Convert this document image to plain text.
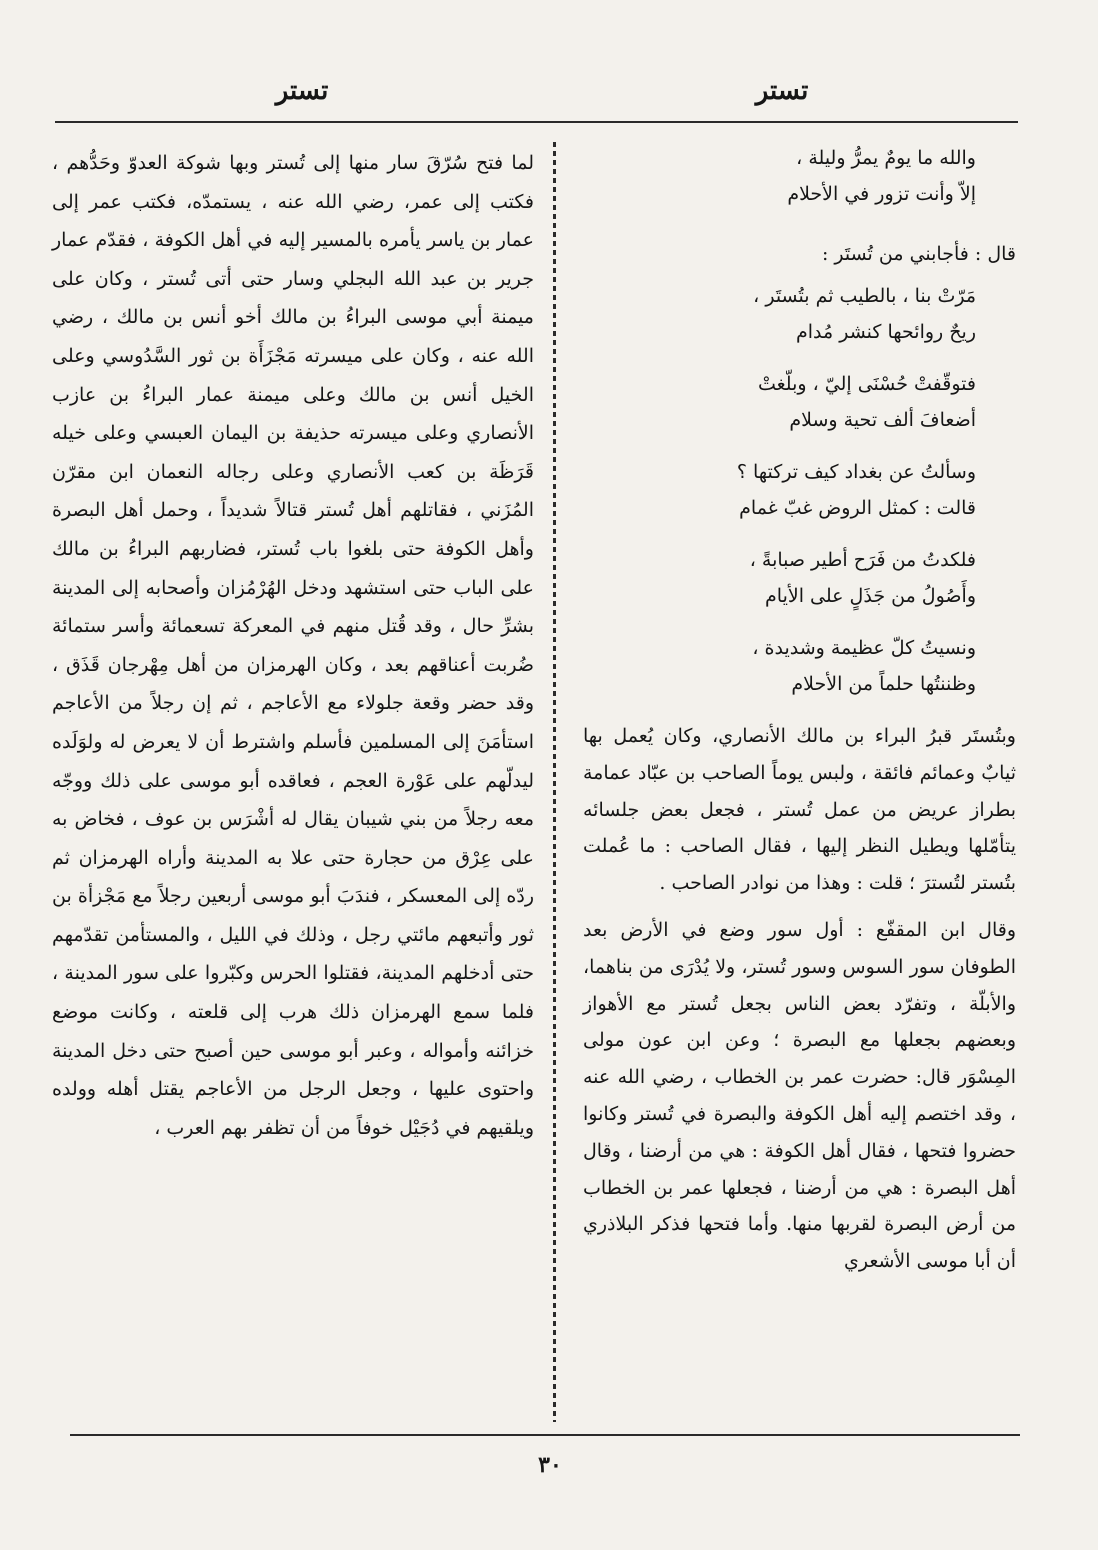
تستر
تستر

والله ما يومٌ يمرُّ وليلة ،

إلاّ وأنت تزور في الأحلام

قال : فأجابني من تُستَر :

مَرّتْ بنا ، بالطيب ثم بتُستَر ،

ريحٌ روائحها كنشر مُدام

فتوقّفتْ حُسْنَى إليّ ، وبلّغتْ

أضعافَ ألف تحية وسلام

وسألتُ عن بغداد كيف تركتها ؟

قالت : كمثل الروض غبّ غمام

فلكدتُ من فَرَح أطير صبابةً ،

وأَصُولُ من جَذَلٍ على الأيام

ونسيتُ كلّ عظيمة وشديدة ،

وظننتُها حلماً من الأحلام

وبتُستَر قبرُ البراء بن مالك الأنصاري، وكان يُعمل بها ثيابٌ وعمائم فائقة ، ولبس يوماً الصاحب بن عبّاد عمامة بطراز عريض من عمل تُستر ، فجعل بعض جلسائه يتأمّلها ويطيل النظر إليها ، فقال الصاحب : ما عُملت بتُستر لتُسترَ ؛ قلت : وهذا من نوادر الصاحب .

وقال ابن المقفّع : أول سور وضع في الأرض بعد الطوفان سور السوس وسور تُستر، ولا يُدْرَى من بناهما، والأبلّة ، وتفرّد بعض الناس بجعل تُستر مع الأهواز وبعضهم بجعلها مع البصرة ؛ وعن ابن عون مولى المِسْوَر قال: حضرت عمر بن الخطاب ، رضي الله عنه ، وقد اختصم إليه أهل الكوفة والبصرة في تُستر وكانوا حضروا فتحها ، فقال أهل الكوفة : هي من أرضنا ، وقال أهل البصرة : هي من أرضنا ، فجعلها عمر بن الخطاب من أرض البصرة لقربها منها. وأما فتحها فذكر البلاذري أن أبا موسى الأشعري

لما فتح سُرّقَ سار منها إلى تُستر وبها شوكة العدوّ وحَدُّهم ، فكتب إلى عمر، رضي الله عنه ، يستمدّه، فكتب عمر إلى عمار بن ياسر يأمره بالمسير إليه في أهل الكوفة ، فقدّم عمار جرير بن عبد الله البجلي وسار حتى أتى تُستر ، وكان على ميمنة أبي موسى البراءُ بن مالك أخو أنس بن مالك ، رضي الله عنه ، وكان على ميسرته مَجْزَأَة بن ثور السَّدُوسي وعلى الخيل أنس بن مالك وعلى ميمنة عمار البراءُ بن عازب الأنصاري وعلى ميسرته حذيفة بن اليمان العبسي وعلى خيله قَرَظَة بن كعب الأنصاري وعلى رجاله النعمان ابن مقرّن المُزَني ، فقاتلهم أهل تُستر قتالاً شديداً ، وحمل أهل البصرة وأهل الكوفة حتى بلغوا باب تُستر، فضاربهم البراءُ بن مالك على الباب حتى استشهد ودخل الهُرْمُزان وأصحابه إلى المدينة بشرِّ حال ، وقد قُتل منهم في المعركة تسعمائة وأسر ستمائة ضُربت أعناقهم بعد ، وكان الهرمزان من أهل مِهْرجان قَذَق ، وقد حضر وقعة جلولاء مع الأعاجم ، ثم إن رجلاً من الأعاجم استأمَنَ إلى المسلمين فأسلم واشترط أن لا يعرض له ولوَلَده ليدلّهم على عَوْرة العجم ، فعاقده أبو موسى على ذلك ووجّه معه رجلاً من بني شيبان يقال له أشْرَس بن عوف ، فخاض به على عِرْق من حجارة حتى علا به المدينة وأراه الهرمزان ثم ردّه إلى المعسكر ، فندَبَ أبو موسى أربعين رجلاً مع مَجْزأة بن ثور وأتبعهم مائتي رجل ، وذلك في الليل ، والمستأمن تقدّمهم حتى أدخلهم المدينة، فقتلوا الحرس وكبّروا على سور المدينة ، فلما سمع الهرمزان ذلك هرب إلى قلعته ، وكانت موضع خزائنه وأمواله ، وعبر أبو موسى حين أصبح حتى دخل المدينة واحتوى عليها ، وجعل الرجل من الأعاجم يقتل أهله وولده ويلقيهم في دُجَيْل خوفاً من أن تظفر بهم العرب ،

٣٠
